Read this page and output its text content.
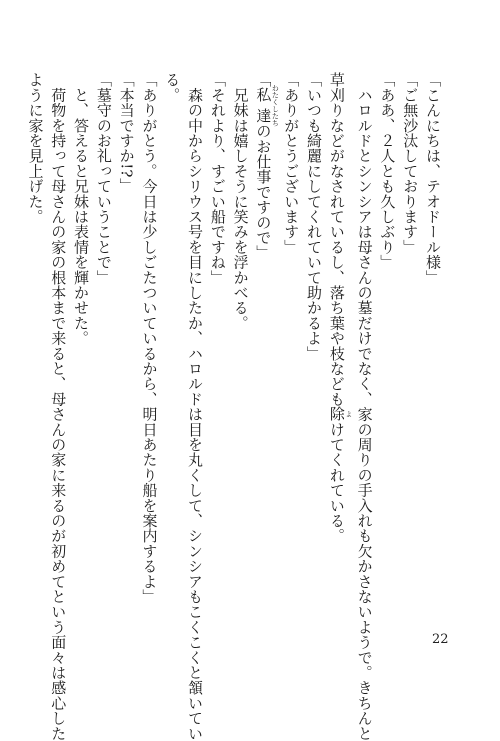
「こんにちは、テオドール様」
「ご無沙汰しております」
「ああ、２人とも久しぶり」
　ハロルドとシンシアは母さんの墓だけでなく、家の周りの手入れも欠かさないようで。きちんと
草刈りなどがなされているし、落ち葉や枝なども除 よけてくれている。
「いつも綺麗にしてくれていて助かるよ」
「ありがとうございます」
「私達 わたくしたちのお仕事ですので」
　兄妹は嬉しそうに笑みを浮かべる。
「それより、すごい船ですね」
　森の中からシリウス号を目にしたか、ハロルドは目を丸くして、シンシアもこくこくと頷いてい
る。
「ありがとう。今日は少しごたついているから、明日あたり船を案内するよ」
「本当ですか!?」
「墓守のお礼っていうことで」
　と、答えると兄妹は表情を輝かせた。
　荷物を持って母さんの家の根本まで来ると、母さんの家に来るのが初めてという面々は感心した
ように家を見上げた。
22
